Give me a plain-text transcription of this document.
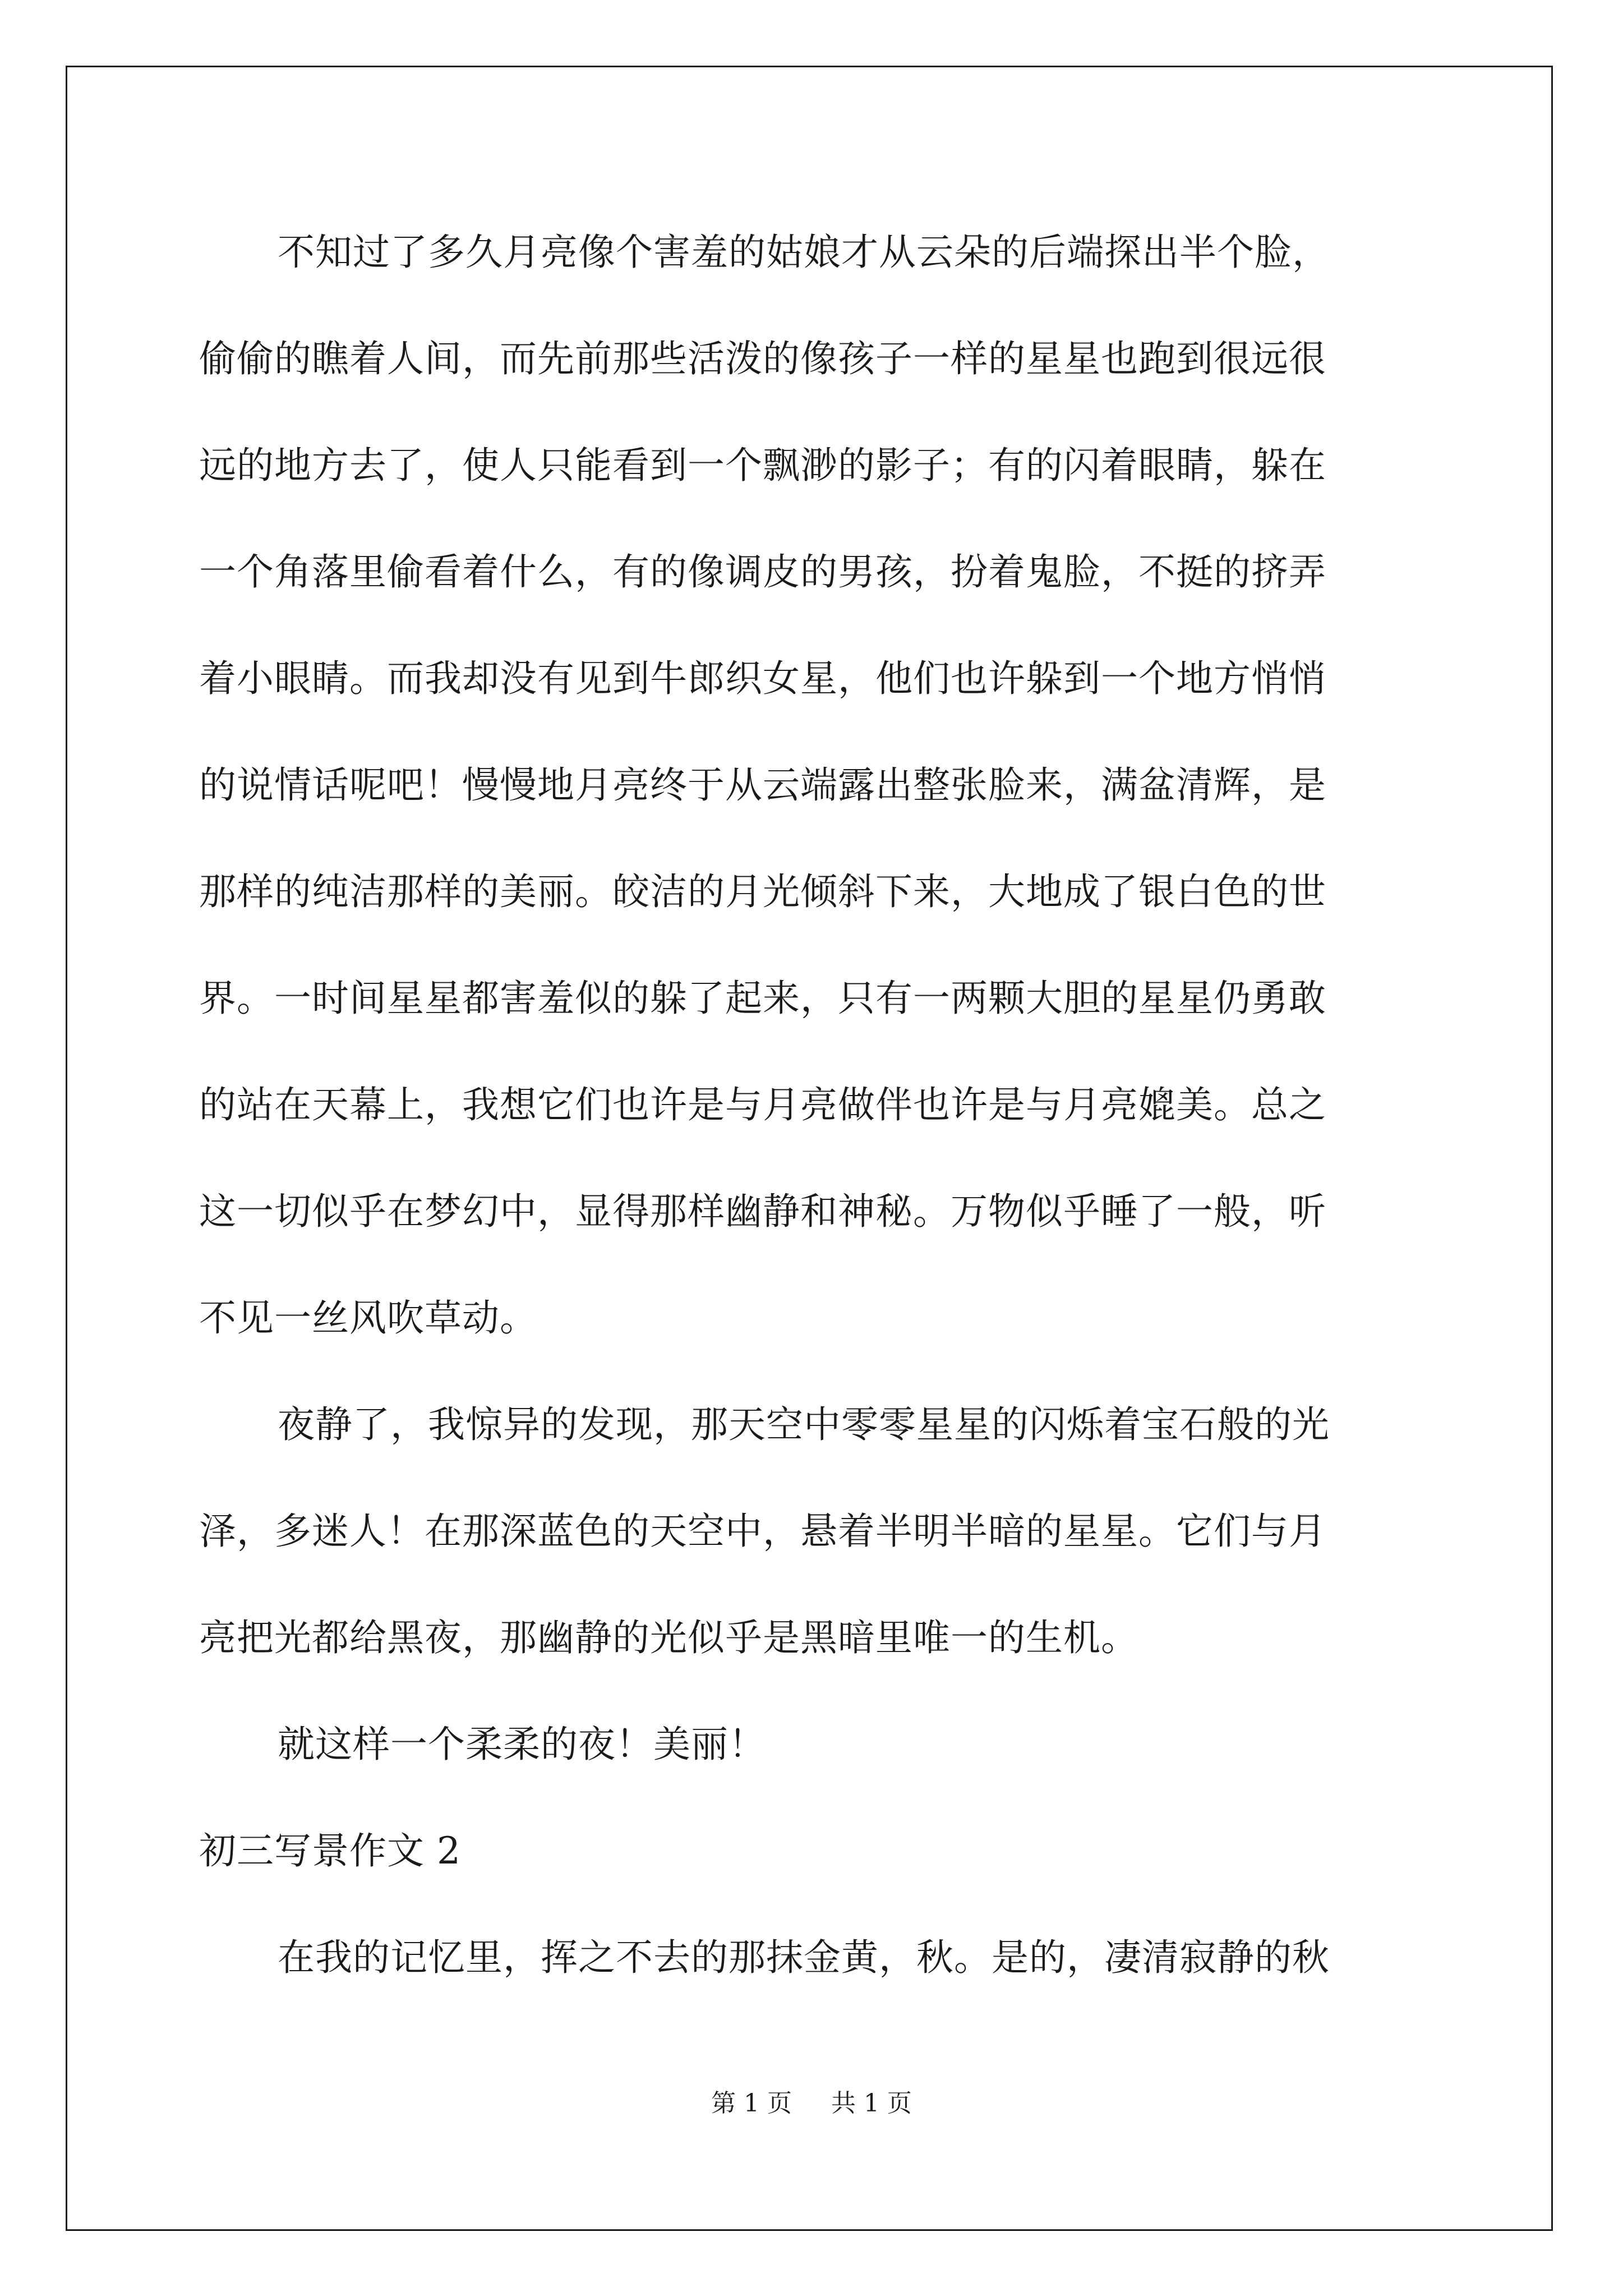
不知过了多久月亮像个害羞的姑娘才从云朵的后端探出半个脸，
偷偷的瞧着人间，而先前那些活泼的像孩子一样的星星也跑到很远很
远的地方去了，使人只能看到一个飘渺的影子；有的闪着眼睛，躲在
一个角落里偷看着什么，有的像调皮的男孩，扮着鬼脸，不挺的挤弄
着小眼睛。而我却没有见到牛郎织女星，他们也许躲到一个地方悄悄
的说情话呢吧！慢慢地月亮终于从云端露出整张脸来，满盆清辉，是
那样的纯洁那样的美丽。皎洁的月光倾斜下来，大地成了银白色的世
界。一时间星星都害羞似的躲了起来，只有一两颗大胆的星星仍勇敢
的站在天幕上，我想它们也许是与月亮做伴也许是与月亮媲美。总之
这一切似乎在梦幻中，显得那样幽静和神秘。万物似乎睡了一般，听
不见一丝风吹草动。
夜静了，我惊异的发现，那天空中零零星星的闪烁着宝石般的光
泽，多迷人！在那深蓝色的天空中，悬着半明半暗的星星。它们与月
亮把光都给黑夜，那幽静的光似乎是黑暗里唯一的生机。
就这样一个柔柔的夜！美丽！
初三写景作文 2
在我的记忆里，挥之不去的那抹金黄，秋。是的，凄清寂静的秋
第 1 页 共 1 页
